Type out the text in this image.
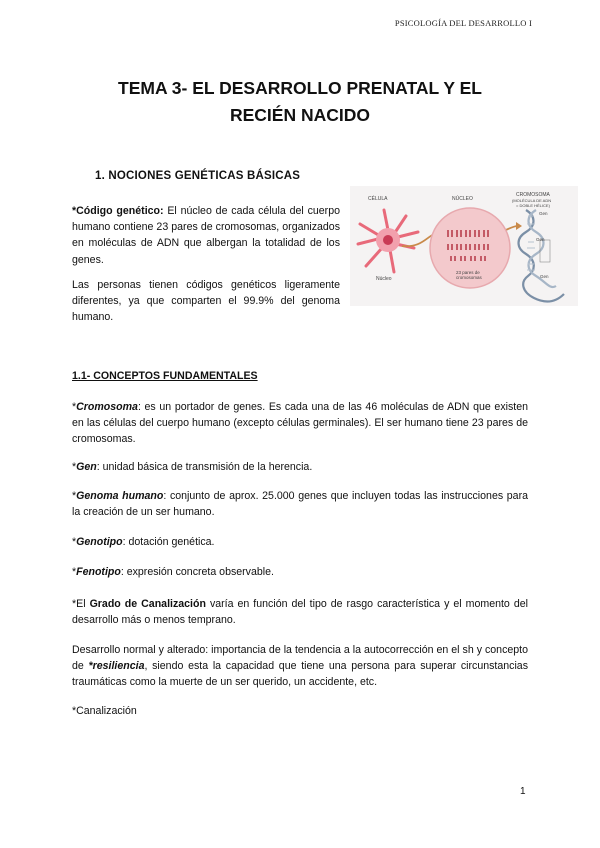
PSICOLOGÍA DEL DESARROLLO I
TEMA 3- EL DESARROLLO PRENATAL Y EL
RECIÉN NACIDO
1. NOCIONES GENÉTICAS BÁSICAS
*Código genético: El núcleo de cada célula del cuerpo humano contiene 23 pares de cromosomas, organizados en moléculas de ADN que albergan la totalidad de los genes.
Las personas tienen códigos genéticos ligeramente diferentes, ya que comparten el 99.9% del genoma humano.
CÉLULA	NÚCLEO
CROMOSOMA
(MOLÉCULA DE ADN
= DOBLE HÉLICE)
Núcleo
23 pares de
cromosomas
Gen
Gen
Gen
1.1- CONCEPTOS FUNDAMENTALES
*Cromosoma: es un portador de genes. Es cada una de las 46 moléculas de ADN que existen en las células del cuerpo humano (excepto células germinales). El ser humano tiene 23 pares de cromosomas.
*Gen: unidad básica de transmisión de la herencia.
*Genoma humano: conjunto de aprox. 25.000 genes que incluyen todas las instrucciones para la creación de un ser humano.
*Genotipo: dotación genética.
*Fenotipo: expresión concreta observable.
*El Grado de Canalización varía en función del tipo de rasgo característica y el momento del desarrollo más o menos temprano.
Desarrollo normal y alterado: importancia de la tendencia a la autocorrección en el sh y concepto de *resiliencia, siendo esta la capacidad que tiene una persona para superar circunstancias traumáticas como la muerte de un ser querido, un accidente, etc.
*Canalización
1
